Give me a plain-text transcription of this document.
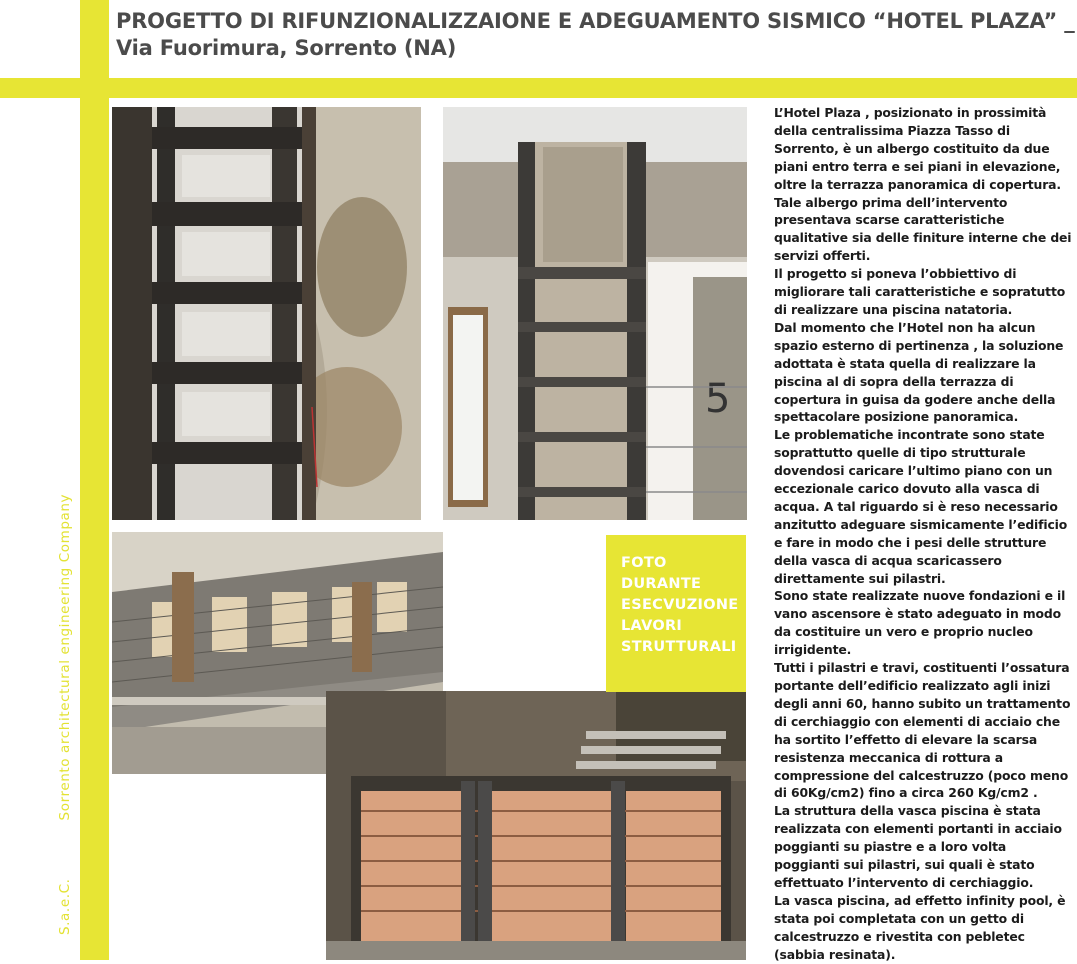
PROGETTO DI RIFUNZIONALIZZAIONE E ADEGUAMENTO SISMICO “HOTEL PLAZA” _
Via Fuorimura, Sorrento (NA)
S.a.e.C.Sorrento architectural engineering Company
5
FOTO DURANTE
ESECVUZIONE
LAVORI
STRUTTURALI

L’Hotel Plaza , posizionato in prossimità della centralissima Piazza Tasso di Sorrento, è un albergo costituito da due piani entro terra e sei piani in elevazione, oltre la terrazza panoramica di copertura. Tale albergo prima dell’intervento presentava scarse caratteristiche qualitative sia delle finiture interne che dei servizi offerti.

Il progetto si poneva l’obbiettivo di migliorare tali caratteristiche e sopratutto di realizzare una piscina natatoria.

Dal momento che l’Hotel non ha alcun spazio esterno di pertinenza , la soluzione adottata è stata quella di realizzare la piscina al di sopra della terrazza di copertura in guisa da godere anche della spettacolare posizione panoramica.

Le problematiche incontrate sono state soprattutto quelle di tipo strutturale dovendosi caricare l’ultimo piano con un eccezionale carico dovuto alla vasca di acqua. A tal riguardo si è reso necessario anzitutto adeguare sismicamente l’edificio e fare in modo che i pesi delle strutture della vasca di acqua scaricassero direttamente sui pilastri.

Sono state realizzate nuove fondazioni e il vano ascensore è stato adeguato in modo da costituire un vero e proprio nucleo irrigidente.

Tutti i pilastri e travi, costituenti l’ossatura portante dell’edificio realizzato agli inizi degli anni 60, hanno subito un trattamento di cerchiaggio con elementi di acciaio che ha sortito l’effetto di elevare la scarsa resistenza meccanica di rottura a compressione del calcestruzzo (poco meno di 60Kg/cm2) fino a circa 260 Kg/cm2 .

La struttura della vasca piscina è stata realizzata con elementi portanti in acciaio poggianti su piastre e a loro volta poggianti sui pilastri, sui quali è stato effettuato l’intervento di cerchiaggio.

La vasca piscina, ad effetto infinity pool, è stata poi completata con un getto di calcestruzzo e rivestita con pebletec (sabbia resinata).
